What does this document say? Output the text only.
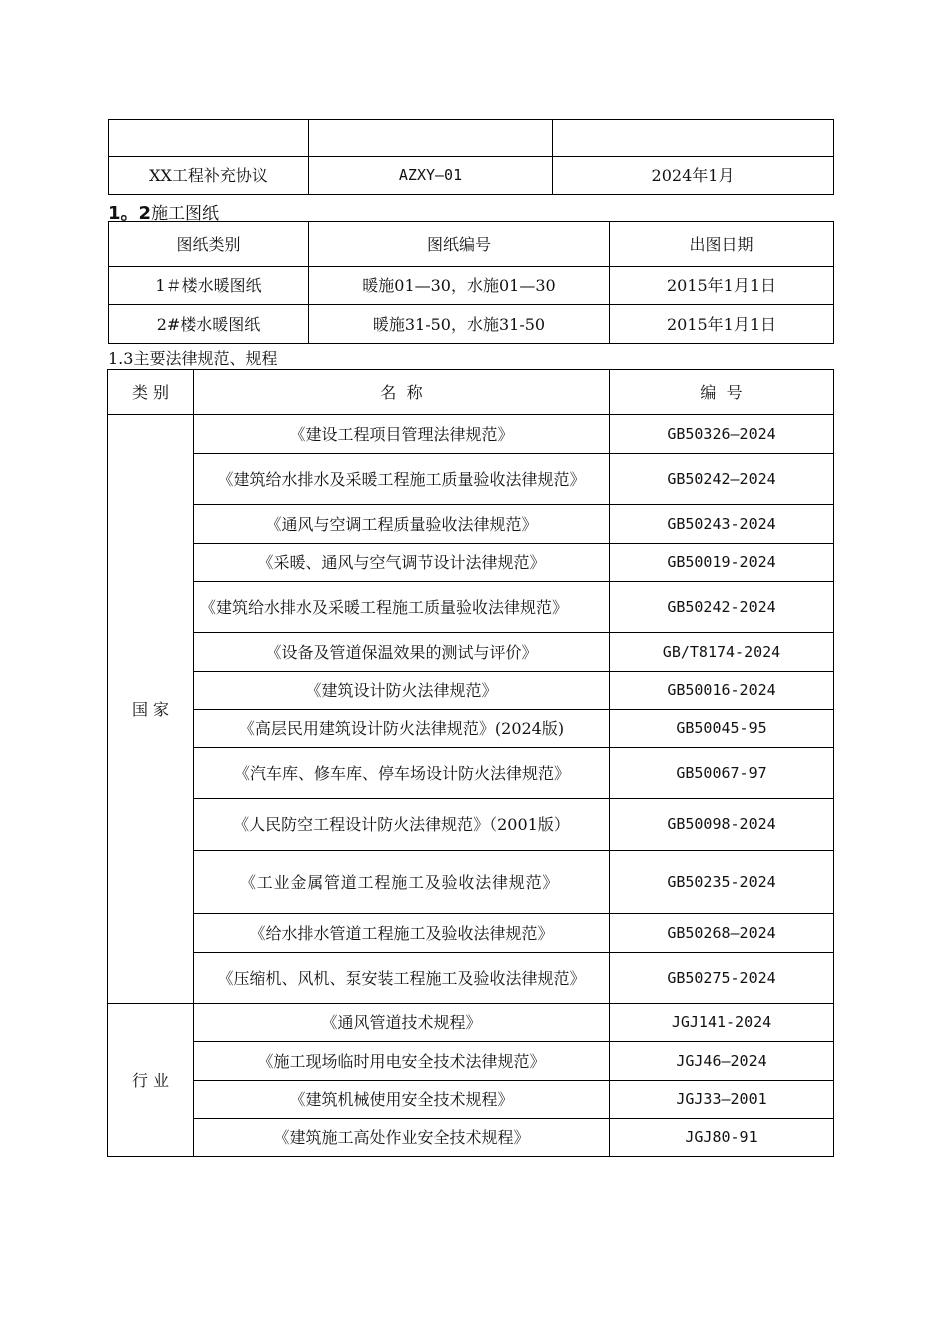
XX工程补充协议	AZXY—01	2024年1月
1。2施工图纸
图纸类别	图纸编号	出图日期
1＃楼水暖图纸	暖施01—30，水施01—30	2015年1月1日
2#楼水暖图纸	暖施31-50，水施31-50	2015年1月1日
1.3主要法律规范、规程
类 别	名  称	编  号
国 家	《建设工程项目管理法律规范》	GB50326—2024
	《建筑给水排水及采暖工程施工质量验收法律规范》	GB50242—2024
	《通风与空调工程质量验收法律规范》	GB50243-2024
	《采暖、通风与空气调节设计法律规范》	GB50019-2024
	《建筑给水排水及采暖工程施工质量验收法律规范》	GB50242-2024
	《设备及管道保温效果的测试与评价》	GB/T8174-2024
	《建筑设计防火法律规范》	GB50016-2024
	《高层民用建筑设计防火法律规范》(2024版)	GB50045-95
	《汽车库、修车库、停车场设计防火法律规范》	GB50067-97
	《人民防空工程设计防火法律规范》（2001版）	GB50098-2024
	《工业金属管道工程施工及验收法律规范》	GB50235-2024
	《给水排水管道工程施工及验收法律规范》	GB50268—2024
	《压缩机、风机、泵安装工程施工及验收法律规范》	GB50275-2024
行 业	《通风管道技术规程》	JGJ141-2024
	《施工现场临时用电安全技术法律规范》	JGJ46—2024
	《建筑机械使用安全技术规程》	JGJ33—2001
	《建筑施工高处作业安全技术规程》	JGJ80-91
